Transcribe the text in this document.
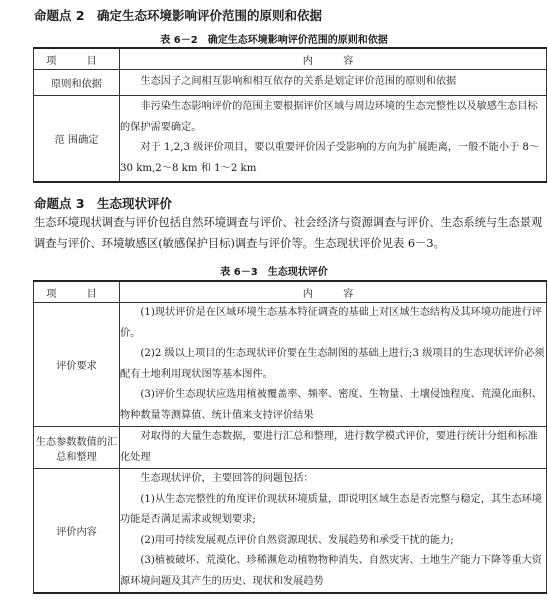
命题点 2　确定生态环境影响评价范围的原则和依据
表 6－2　确定生态环境影响评价范围的原则和依据
项　目	内　容
原则和依据	生态因子之间相互影响和相互依存的关系是划定评价范围的原则和依据

范 围确定	非污染生态影响评价的范围主要根据评价区域与周边环境的生态完整性以及敏感生态目标的保护需要确定。

对于 1,2,3 级评价项目，要以重要评价因子受影响的方向为扩展距离，一般不能小于 8～30 km,2～8 km 和 1～2 km

命题点 3　生态现状评价

生态环境现状调查与评价包括自然环境调查与评价、社会经济与资源调查与评价、生态系统与生态景观调查与评价、环境敏感区(敏感保护目标)调查与评价等。生态现状评价见表 6－3。

表 6－3　生态现状评价
项　目	内　容
评价要求	(1)现状评价是在区域环境生态基本特征调查的基础上对区域生态结构及其环境功能进行评价。

(2)2 级以上项目的生态现状评价要在生态制图的基础上进行;3 级项目的生态现状评价必须配有土地利用现状图等基本图件。

(3)评价生态现状应选用植被覆盖率、频率、密度、生物量、土壤侵蚀程度、荒漠化面积、物种数量等测算值、统计值来支持评价结果

生态参数数值的汇总和整理	对取得的大量生态数据，要进行汇总和整理，进行数学模式评价，要进行统计分组和标准化处理

评价内容	生态现状评价，主要回答的问题包括：

(1)从生态完整性的角度评价现状环境质量，即说明区域生态是否完整与稳定，其生态环境功能是否满足需求或规划要求;

(2)用可持续发展观点评价自然资源现状、发展趋势和承受干扰的能力;

(3)植被破坏、荒漠化、珍稀濒危动植物物种消失、自然灾害、土地生产能力下降等重大资源环境问题及其产生的历史、现状和发展趋势
